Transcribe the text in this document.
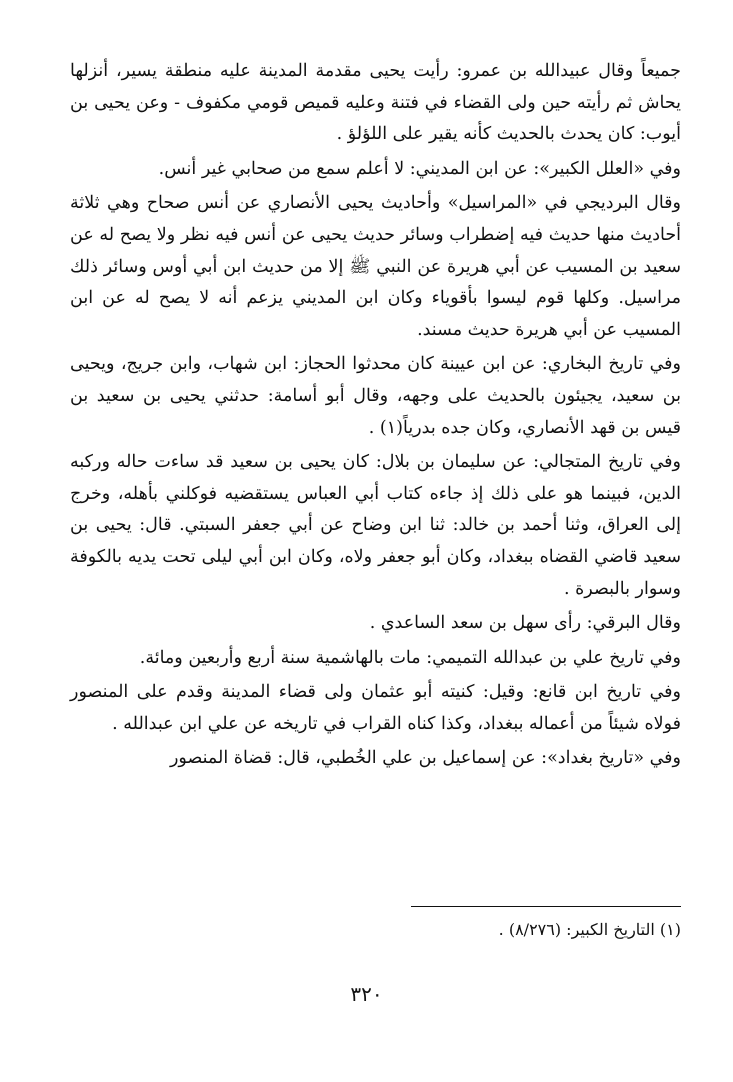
جميعاً وقال عبيدالله بن عمرو: رأيت يحيى مقدمة المدينة عليه منطقة يسير، أنزلها يحاش ثم رأيته حين ولى القضاء في فتنة وعليه قميص قومي مكفوف - وعن يحيى بن أيوب: كان يحدث بالحديث كأنه يقير على اللؤلؤ .

وفي «العلل الكبير»: عن ابن المديني: لا أعلم سمع من صحابي غير أنس.

وقال البرديجي في «المراسيل» وأحاديث يحيى الأنصاري عن أنس صحاح وهي ثلاثة أحاديث منها حديث فيه إضطراب وسائر حديث يحيى عن أنس فيه نظر ولا يصح له عن سعيد بن المسيب عن أبي هريرة عن النبي ﷺ إلا من حديث ابن أبي أوس وسائر ذلك مراسيل. وكلها قوم ليسوا بأقوياء وكان ابن المديني يزعم أنه لا يصح له عن ابن المسيب عن أبي هريرة حديث مسند.

وفي تاريخ البخاري: عن ابن عيينة كان محدثوا الحجاز: ابن شهاب، وابن جريج، ويحيى بن سعيد، يجيئون بالحديث على وجهه، وقال أبو أسامة: حدثني يحيى بن سعيد بن قيس بن قهد الأنصاري، وكان جده بدرياً(١) .

وفي تاريخ المتجالي: عن سليمان بن بلال: كان يحيى بن سعيد قد ساءت حاله وركبه الدين، فبينما هو على ذلك إذ جاءه كتاب أبي العباس يستقضيه فوكلني بأهله، وخرج إلى العراق، وثنا أحمد بن خالد: ثنا ابن وضاح عن أبي جعفر السبتي. قال: يحيى بن سعيد قاضي القضاه ببغداد، وكان أبو جعفر ولاه، وكان ابن أبي ليلى تحت يديه بالكوفة وسوار بالبصرة .

وقال البرقي: رأى سهل بن سعد الساعدي .

وفي تاريخ علي بن عبدالله التميمي: مات بالهاشمية سنة أربع وأربعين ومائة.

وفي تاريخ ابن قانع: وقيل: كنيته أبو عثمان ولى قضاء المدينة وقدم على المنصور فولاه شيئاً من أعماله ببغداد، وكذا كناه القراب في تاريخه عن علي ابن عبدالله .

وفي «تاريخ بغداد»: عن إسماعيل بن علي الخُطبي، قال: قضاة المنصور

(١) التاريخ الكبير: (٨/٢٧٦) .
٣٢٠
